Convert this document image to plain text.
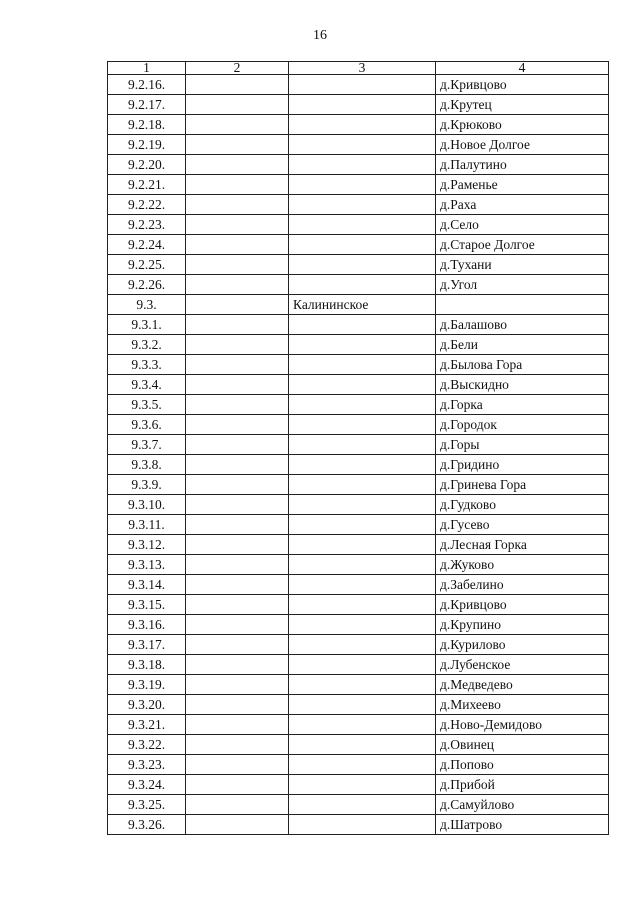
16
1	2	3	4
9.2.16.			д.Кривцово
9.2.17.			д.Крутец
9.2.18.			д.Крюково
9.2.19.			д.Новое Долгое
9.2.20.			д.Палутино
9.2.21.			д.Раменье
9.2.22.			д.Раха
9.2.23.			д.Село
9.2.24.			д.Старое Долгое
9.2.25.			д.Тухани
9.2.26.			д.Угол
9.3.		Калининское	
9.3.1.			д.Балашово
9.3.2.			д.Бели
9.3.3.			д.Былова Гора
9.3.4.			д.Выскидно
9.3.5.			д.Горка
9.3.6.			д.Городок
9.3.7.			д.Горы
9.3.8.			д.Гридино
9.3.9.			д.Гринева Гора
9.3.10.			д.Гудково
9.3.11.			д.Гусево
9.3.12.			д.Лесная Горка
9.3.13.			д.Жуково
9.3.14.			д.Забелино
9.3.15.			д.Кривцово
9.3.16.			д.Крупино
9.3.17.			д.Курилово
9.3.18.			д.Лубенское
9.3.19.			д.Медведево
9.3.20.			д.Михеево
9.3.21.			д.Ново-Демидово
9.3.22.			д.Овинец
9.3.23.			д.Попово
9.3.24.			д.Прибой
9.3.25.			д.Самуйлово
9.3.26.			д.Шатрово
